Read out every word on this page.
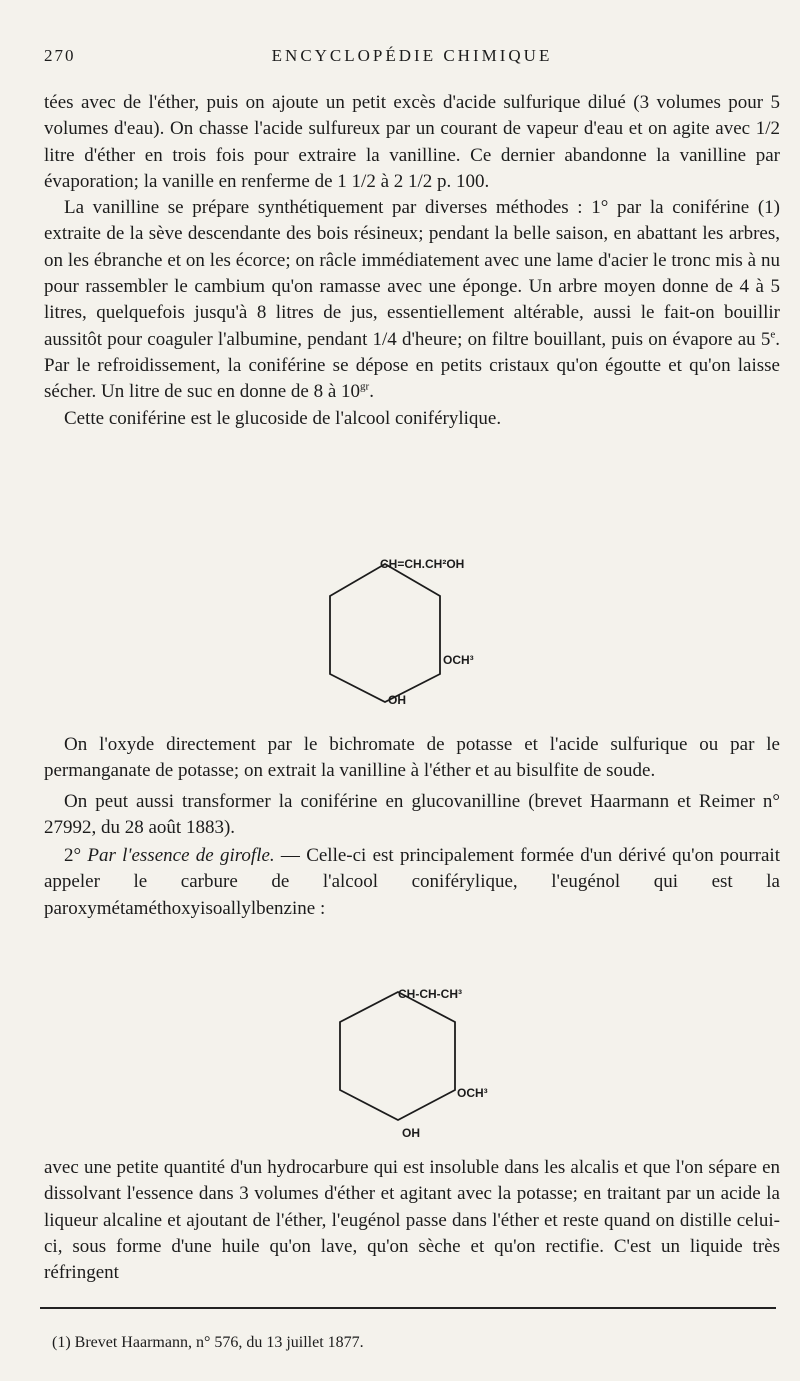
270	ENCYCLOPÉDIE CHIMIQUE

tées avec de l'éther, puis on ajoute un petit excès d'acide sulfurique dilué (3 volumes pour 5 volumes d'eau). On chasse l'acide sulfureux par un courant de vapeur d'eau et on agite avec 1/2 litre d'éther en trois fois pour extraire la vanilline. Ce dernier abandonne la vanilline par évaporation; la vanille en renferme de 1 1/2 à 2 1/2 p. 100.

La vanilline se prépare synthétiquement par diverses méthodes : 1° par la coniférine (1) extraite de la sève descendante des bois résineux; pendant la belle saison, en abattant les arbres, on les ébranche et on les écorce; on râcle immédiatement avec une lame d'acier le tronc mis à nu pour rassembler le cambium qu'on ramasse avec une éponge. Un arbre moyen donne de 4 à 5 litres, quelquefois jusqu'à 8 litres de jus, essentiellement altérable, aussi le fait-on bouillir aussitôt pour coaguler l'albumine, pendant 1/4 d'heure; on filtre bouillant, puis on évapore au 5e. Par le refroidissement, la coniférine se dépose en petits cristaux qu'on égoutte et qu'on laisse sécher. Un litre de suc en donne de 8 à $10^{gr}$.

Cette coniférine est le glucoside de l'alcool coniférylique.

CH=CH.CH²OH
OCH³
OH

On l'oxyde directement par le bichromate de potasse et l'acide sulfurique ou par le permanganate de potasse; on extrait la vanilline à l'éther et au bisulfite de soude.

On peut aussi transformer la coniférine en glucovanilline (brevet Haarmann et Reimer n° 27992, du 28 août 1883).

2° Par l'essence de girofle. — Celle-ci est principalement formée d'un dérivé qu'on pourrait appeler le carbure de l'alcool coniférylique, l'eugénol qui est la paroxymétaméthoxyisoallylbenzine :

CH-CH-CH³
OCH³
OH

avec une petite quantité d'un hydrocarbure qui est insoluble dans les alcalis et que l'on sépare en dissolvant l'essence dans 3 volumes d'éther et agitant avec la potasse; en traitant par un acide la liqueur alcaline et ajoutant de l'éther, l'eugénol passe dans l'éther et reste quand on distille celui-ci, sous forme d'une huile qu'on lave, qu'on sèche et qu'on rectifie. C'est un liquide très réfringent

(1) Brevet Haarmann, n° 576, du 13 juillet 1877.
